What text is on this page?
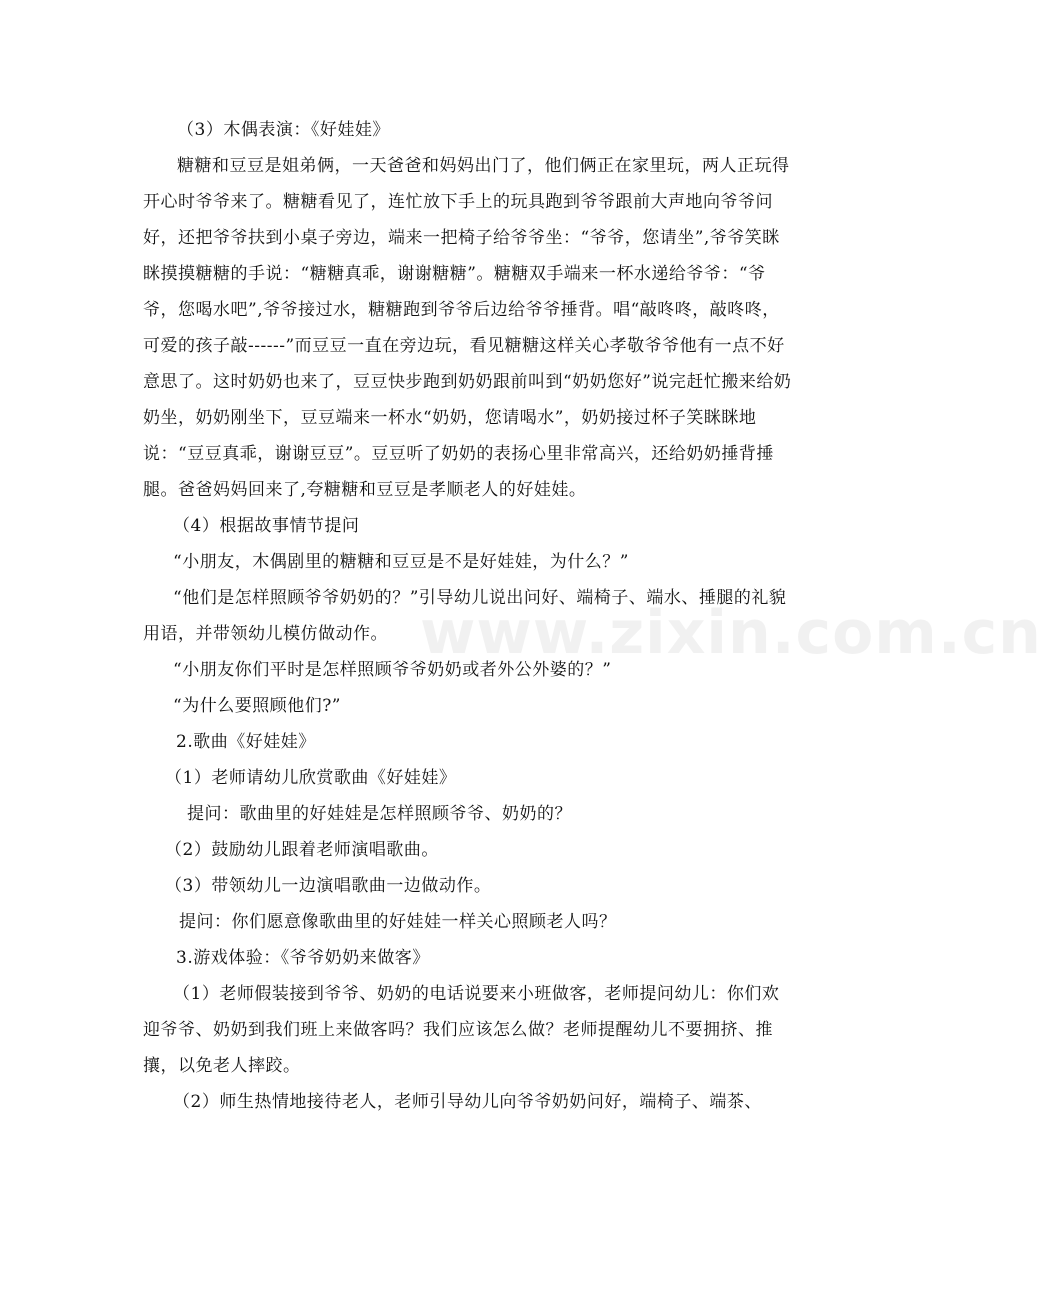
www.zixin.com.cn

（3）木偶表演：《好娃娃》

糖糖和豆豆是姐弟俩，一天爸爸和妈妈出门了，他们俩正在家里玩，两人正玩得开心时爷爷来了。糖糖看见了，连忙放下手上的玩具跑到爷爷跟前大声地向爷爷问好，还把爷爷扶到小桌子旁边，端来一把椅子给爷爷坐：“爷爷，您请坐”,爷爷笑眯眯摸摸糖糖的手说：“糖糖真乖，谢谢糖糖”。糖糖双手端来一杯水递给爷爷：“爷爷，您喝水吧”,爷爷接过水，糖糖跑到爷爷后边给爷爷捶背。唱“敲咚咚，敲咚咚，可爱的孩子敲------”而豆豆一直在旁边玩，看见糖糖这样关心孝敬爷爷他有一点不好意思了。这时奶奶也来了，豆豆快步跑到奶奶跟前叫到“奶奶您好”说完赶忙搬来给奶奶坐，奶奶刚坐下，豆豆端来一杯水“奶奶，您请喝水”，奶奶接过杯子笑眯眯地说：“豆豆真乖，谢谢豆豆”。豆豆听了奶奶的表扬心里非常高兴，还给奶奶捶背捶腿。爸爸妈妈回来了,夸糖糖和豆豆是孝顺老人的好娃娃。

（4）根据故事情节提问

“小朋友，木偶剧里的糖糖和豆豆是不是好娃娃，为什么？”

“他们是怎样照顾爷爷奶奶的？”引导幼儿说出问好、端椅子、端水、捶腿的礼貌用语，并带领幼儿模仿做动作。

“小朋友你们平时是怎样照顾爷爷奶奶或者外公外婆的？”

“为什么要照顾他们?”

2.歌曲《好娃娃》

（1）老师请幼儿欣赏歌曲《好娃娃》

提问：歌曲里的好娃娃是怎样照顾爷爷、奶奶的？

（2）鼓励幼儿跟着老师演唱歌曲。

（3）带领幼儿一边演唱歌曲一边做动作。

提问：你们愿意像歌曲里的好娃娃一样关心照顾老人吗？

3.游戏体验：《爷爷奶奶来做客》

（1）老师假装接到爷爷、奶奶的电话说要来小班做客，老师提问幼儿：你们欢迎爷爷、奶奶到我们班上来做客吗？我们应该怎么做？老师提醒幼儿不要拥挤、推攘，以免老人摔跤。

（2）师生热情地接待老人，老师引导幼儿向爷爷奶奶问好，端椅子、端茶、
